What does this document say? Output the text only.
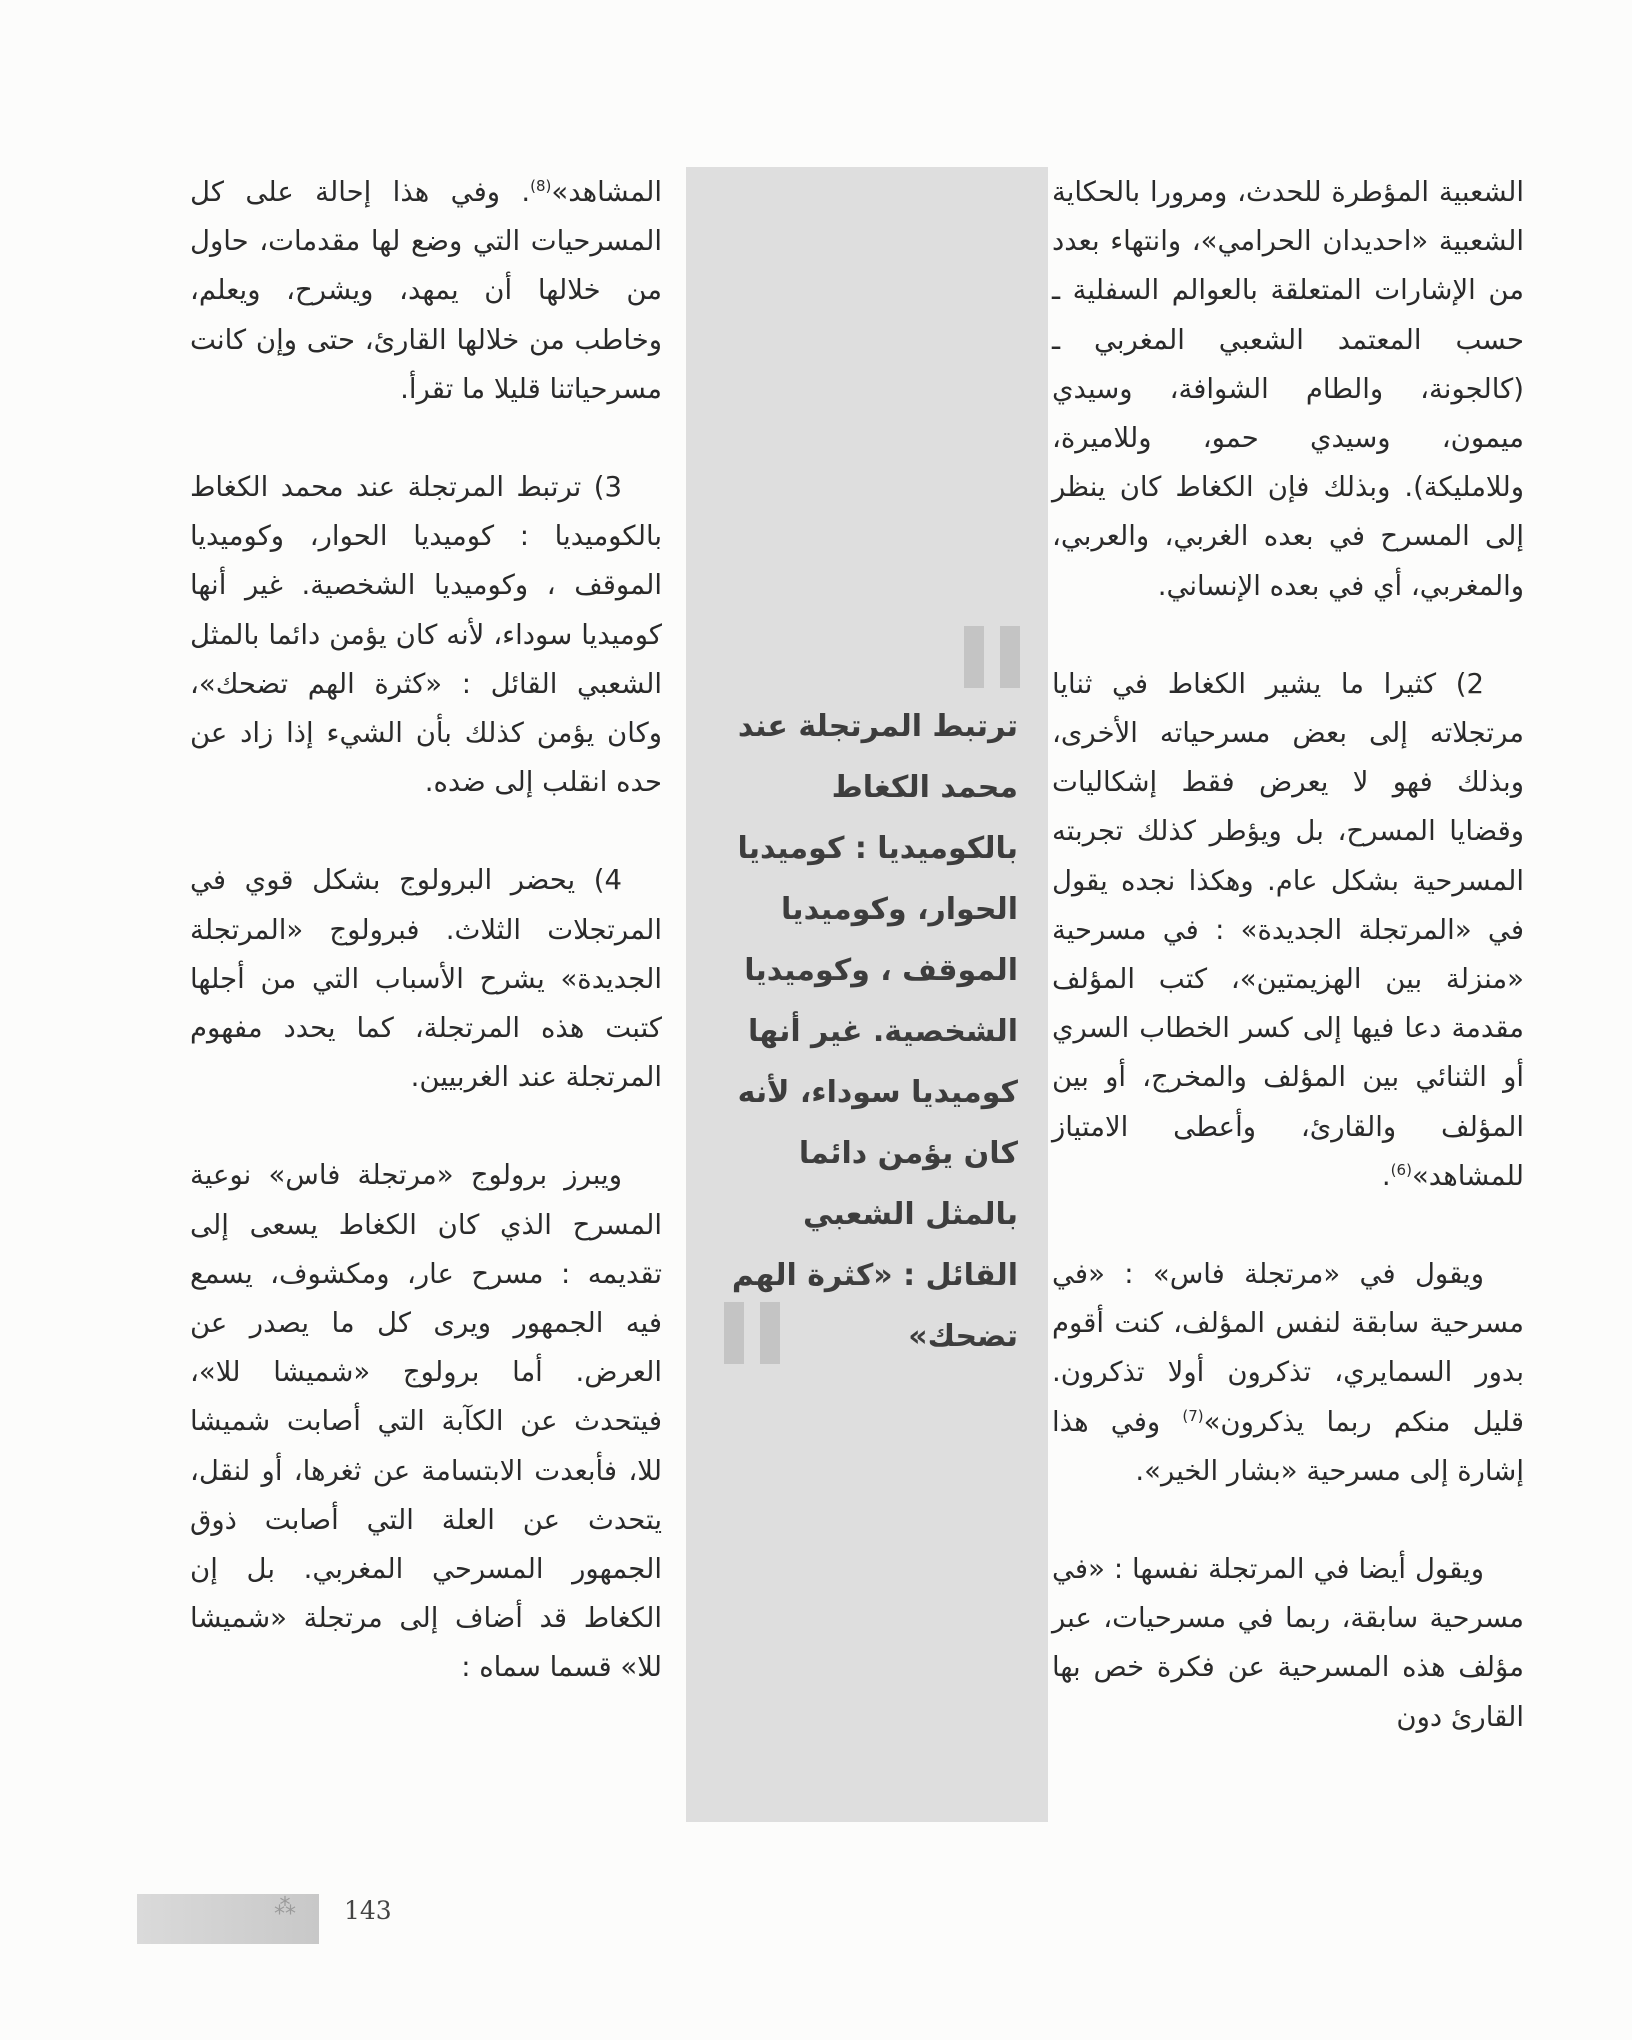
الشعبية المؤطرة للحدث، ومرورا بالحكاية الشعبية «احديدان الحرامي»، وانتهاء بعدد من الإشارات المتعلقة بالعوالم السفلية ـ حسب المعتمد الشعبي المغربي ـ (كالجونة، والطام الشوافة، وسيدي ميمون، وسيدي حمو، وللاميرة، وللامليكة). وبذلك فإن الكغاط كان ينظر إلى المسرح في بعده الغربي، والعربي، والمغربي، أي في بعده الإنساني.

2) كثيرا ما يشير الكغاط في ثنايا مرتجلاته إلى بعض مسرحياته الأخرى، وبذلك فهو لا يعرض فقط إشكاليات وقضايا المسرح، بل ويؤطر كذلك تجربته المسرحية بشكل عام. وهكذا نجده يقول في «المرتجلة الجديدة» : في مسرحية «منزلة بين الهزيمتين»، كتب المؤلف مقدمة دعا فيها إلى كسر الخطاب السري أو الثنائي بين المؤلف والمخرج، أو بين المؤلف والقارئ، وأعطى الامتياز للمشاهد»$^{(6)}$.

ويقول في «مرتجلة فاس» : «في مسرحية سابقة لنفس المؤلف، كنت أقوم بدور السمايري، تذكرون أولا تذكرون. قليل منكم ربما يذكرون»$^{(7)}$ وفي هذا إشارة إلى مسرحية «بشار الخير».

ويقول أيضا في المرتجلة نفسها : «في مسرحية سابقة، ربما في مسرحيات، عبر مؤلف هذه المسرحية عن فكرة خص بها القارئ دون

ترتبط المرتجلة عند محمد الكغاط بالكوميديا : كوميديا الحوار، وكوميديا الموقف ، وكوميديا الشخصية. غير أنها كوميديا سوداء، لأنه كان يؤمن دائما بالمثل الشعبي القائل : «كثرة الهم تضحك»

المشاهد»$^{(8)}$. وفي هذا إحالة على كل المسرحيات التي وضع لها مقدمات، حاول من خلالها أن يمهد، ويشرح، ويعلم، وخاطب من خلالها القارئ، حتى وإن كانت مسرحياتنا قليلا ما تقرأ.

3) ترتبط المرتجلة عند محمد الكغاط بالكوميديا : كوميديا الحوار، وكوميديا الموقف ، وكوميديا الشخصية. غير أنها كوميديا سوداء، لأنه كان يؤمن دائما بالمثل الشعبي القائل : «كثرة الهم تضحك»، وكان يؤمن كذلك بأن الشيء إذا زاد عن حده انقلب إلى ضده.

4) يحضر البرولوج بشكل قوي في المرتجلات الثلاث. فبرولوج «المرتجلة الجديدة» يشرح الأسباب التي من أجلها كتبت هذه المرتجلة، كما يحدد مفهوم المرتجلة عند الغربيين.

ويبرز برولوج «مرتجلة فاس» نوعية المسرح الذي كان الكغاط يسعى إلى تقديمه : مسرح عار، ومكشوف، يسمع فيه الجمهور ويرى كل ما يصدر عن العرض. أما برولوج «شميشا للا»، فيتحدث عن الكآبة التي أصابت شميشا للا، فأبعدت الابتسامة عن ثغرها، أو لنقل، يتحدث عن العلة التي أصابت ذوق الجمهور المسرحي المغربي. بل إن الكغاط قد أضاف إلى مرتجلة «شميشا للا» قسما سماه :

⁂ 143
